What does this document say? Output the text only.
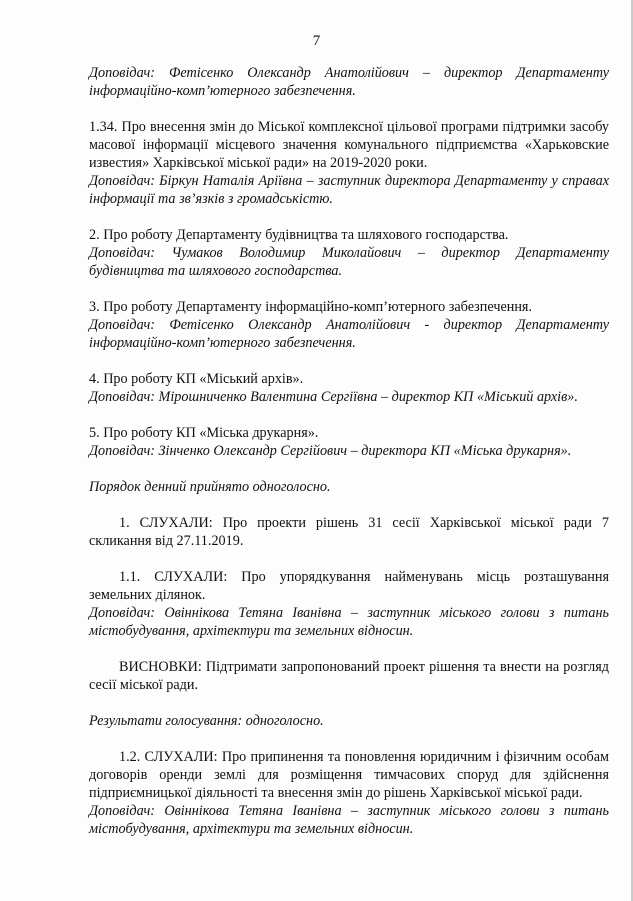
7

Доповідач: Фетісенко Олександр Анатолійович – директор Департаменту інформаційно-комп’ютерного забезпечення.

1.34. Про внесення змін до Міської комплексної цільової програми підтримки засобу масової інформації місцевого значення комунального підприємства «Харьковские известия» Харківської міської ради» на 2019-2020 роки.

Доповідач: Біркун Наталія Аріївна – заступник директора Департаменту у справах інформації та зв’язків з громадськістю.

2. Про роботу Департаменту будівництва та шляхового господарства.

Доповідач: Чумаков Володимир Миколайович – директор Департаменту будівництва та шляхового господарства.

3. Про роботу Департаменту інформаційно-комп’ютерного забезпечення.

Доповідач: Фетісенко Олександр Анатолійович - директор Департаменту інформаційно-комп’ютерного забезпечення.

4. Про роботу КП «Міський архів».

Доповідач: Мірошниченко Валентина Сергіївна – директор КП «Міський архів».

5. Про роботу КП «Міська друкарня».

Доповідач: Зінченко Олександр Сергійович – директора КП «Міська друкарня».

Порядок денний прийнято одноголосно.

1. СЛУХАЛИ: Про проекти рішень 31 сесії Харківської міської ради 7 скликання від 27.11.2019.

1.1. СЛУХАЛИ: Про упорядкування найменувань місць розташування земельних ділянок.

Доповідач: Овіннікова Тетяна Іванівна – заступник міського голови з питань містобудування, архітектури та земельних відносин.

ВИСНОВКИ: Підтримати запропонований проект рішення та внести на розгляд сесії міської ради.

Результати голосування: одноголосно.

1.2. СЛУХАЛИ: Про припинення та поновлення юридичним і фізичним особам договорів оренди землі для розміщення тимчасових споруд для здійснення підприємницької діяльності та внесення змін до рішень Харківської міської ради.

Доповідач: Овіннікова Тетяна Іванівна – заступник міського голови з питань містобудування, архітектури та земельних відносин.
